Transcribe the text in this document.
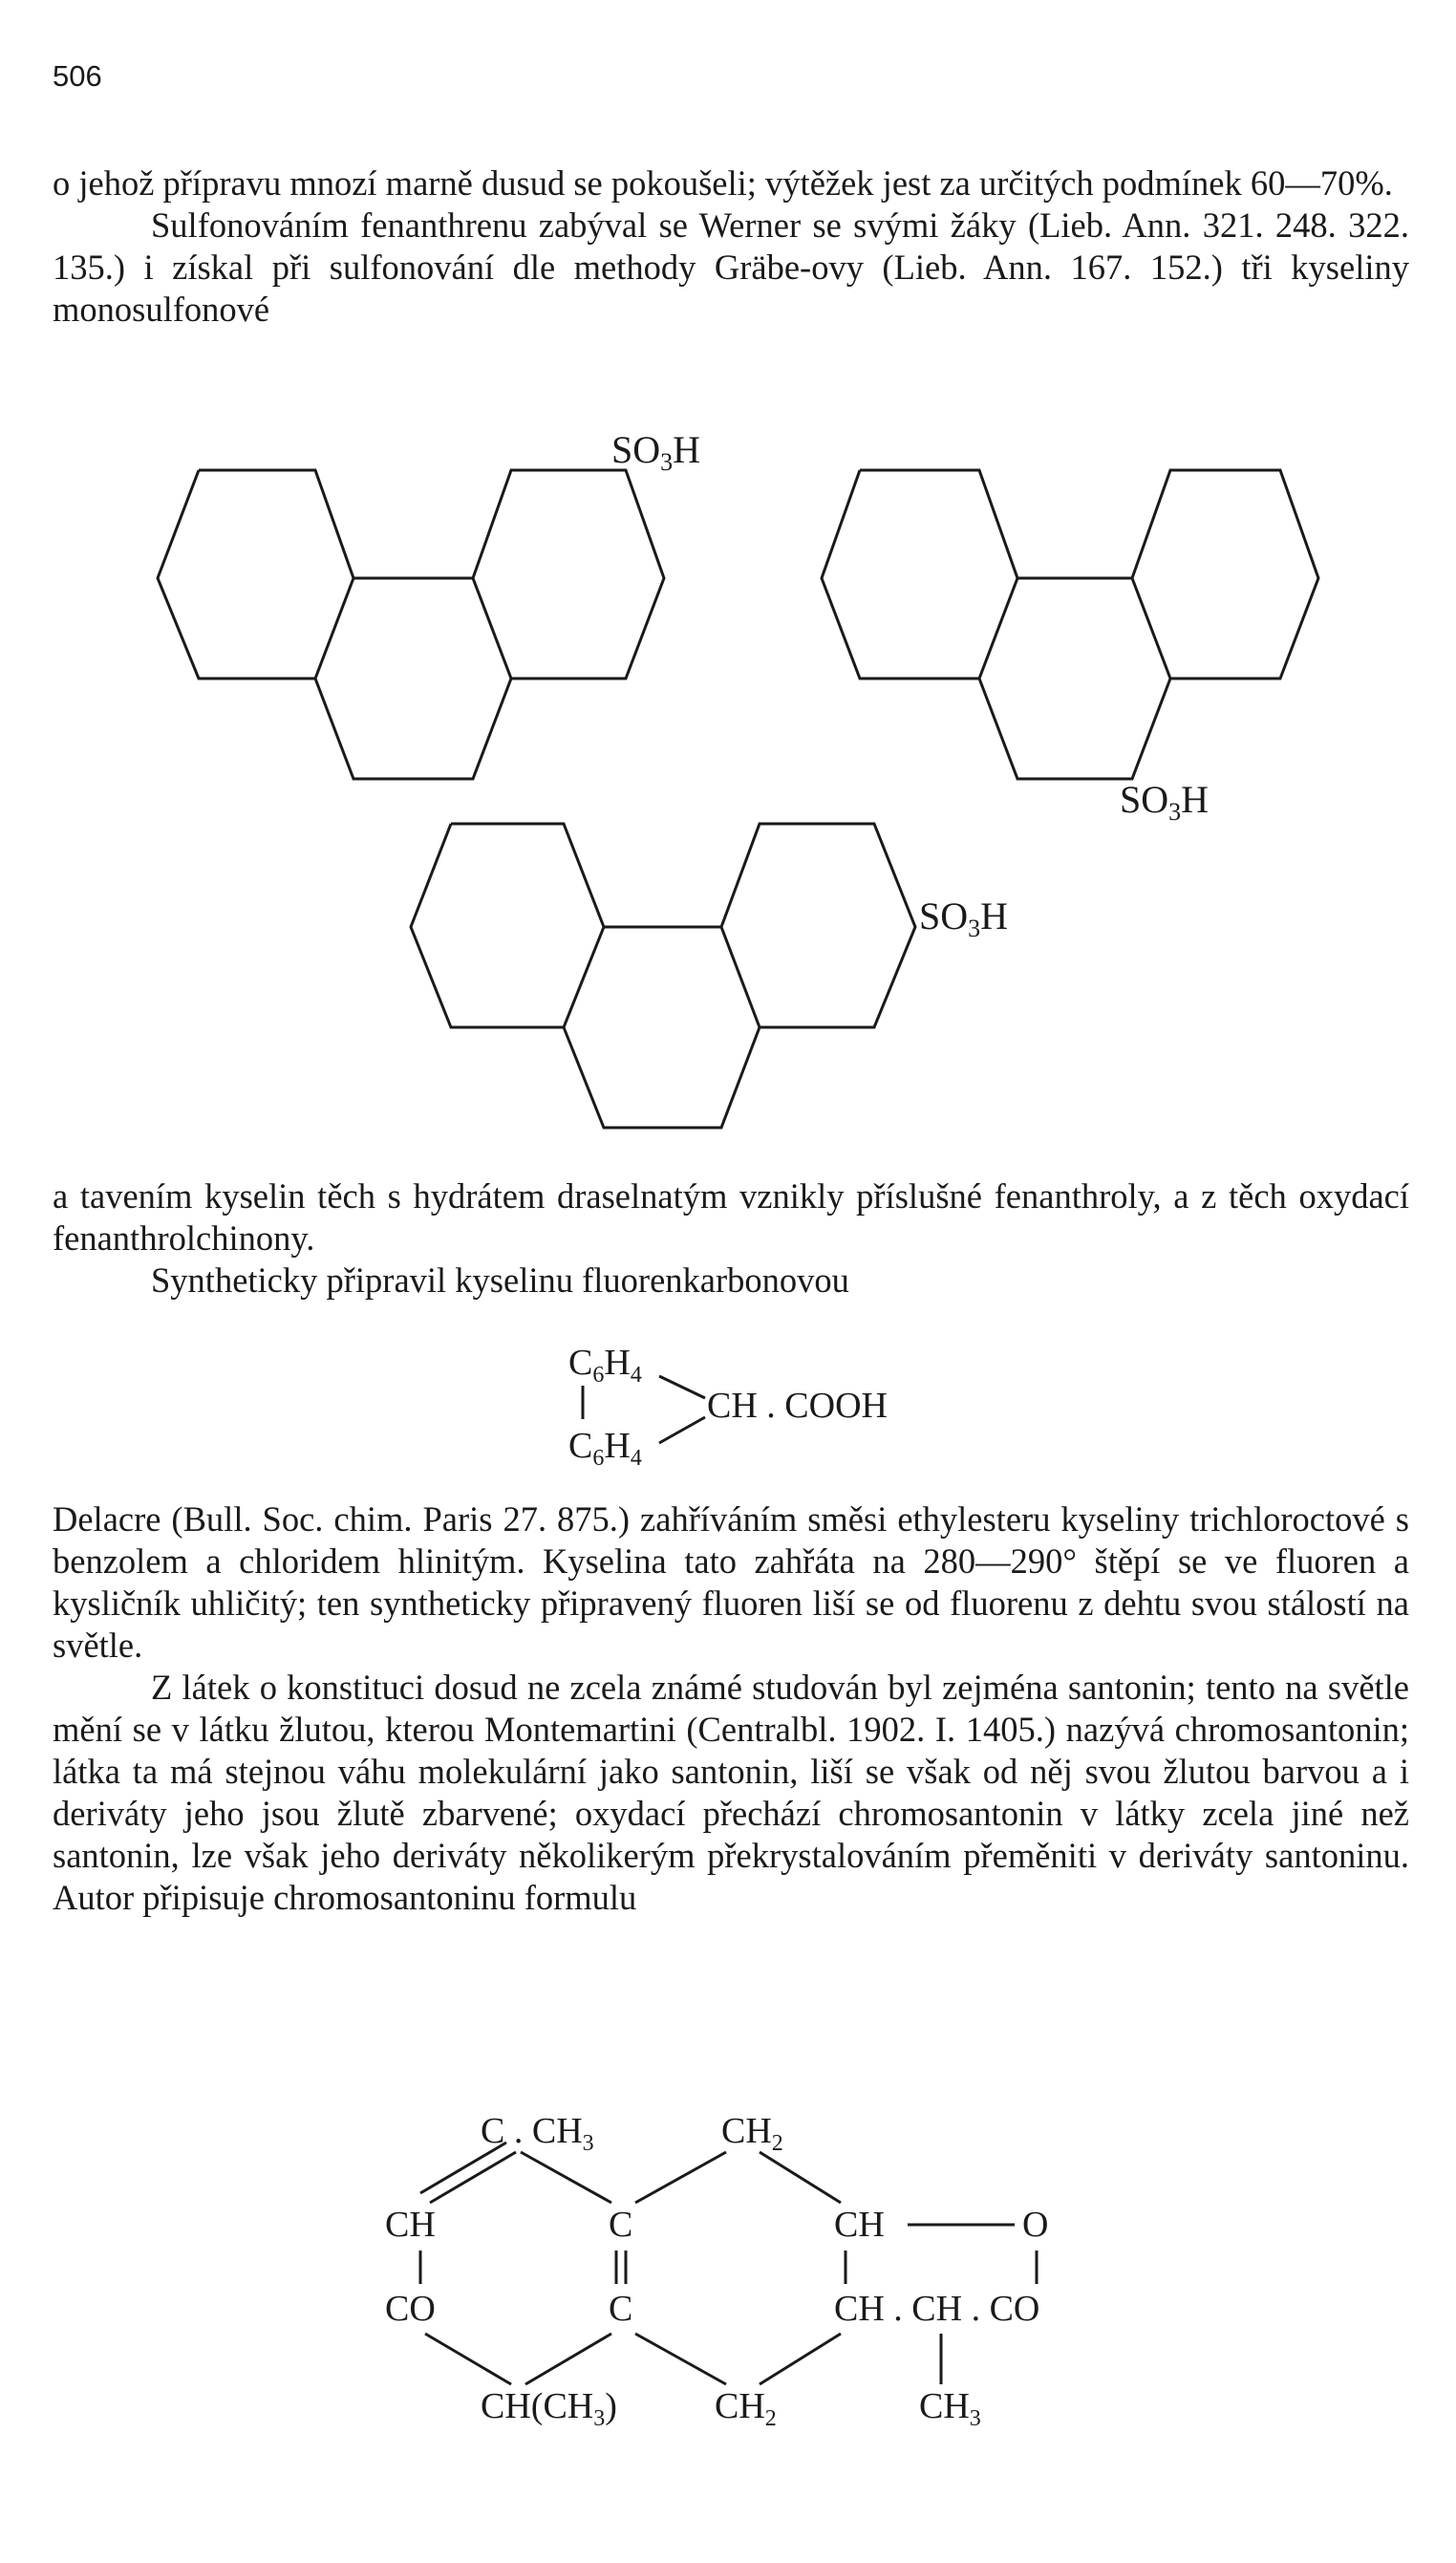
506

o jehož přípravu mnozí marně dusud se pokoušeli; výtěžek jest za určitých podmínek 60—70%.

Sulfonováním fenanthrenu zabýval se Werner se svými žáky (Lieb. Ann. 321. 248. 322. 135.) i získal při sulfonování dle methody Gräbe-ovy (Lieb. Ann. 167. 152.) tři kyseliny monosulfonové

$SO_3H$
$SO_3H$
$SO_3H$

a tavením kyselin těch s hydrátem draselnatým vznikly příslušné fenanthroly, a z těch oxydací fenanthrolchinony.

Syntheticky připravil kyselinu fluorenkarbonovou

$C_6H_4$
$C_6H_4$
CH . COOH

Delacre (Bull. Soc. chim. Paris 27. 875.) zahříváním směsi ethylesteru kyseliny trichloroctové s benzolem a chloridem hlinitým. Kyselina tato zahřáta na 280—290° štěpí se ve fluoren a kysličník uhličitý; ten syntheticky připravený fluoren liší se od fluorenu z dehtu svou stálostí na světle.

Z látek o konstituci dosud ne zcela známé studován byl zejména santonin; tento na světle mění se v látku žlutou, kterou Montemartini (Centralbl. 1902. I. 1405.) nazývá chromosantonin; látka ta má stejnou váhu molekulární jako santonin, liší se však od něj svou žlutou barvou a i deriváty jeho jsou žlutě zbarvené; oxydací přechází chromosantonin v látky zcela jiné než santonin, lze však jeho deriváty několikerým překrystalováním přeměniti v deriváty santoninu. Autor připisuje chromosantoninu formulu

C . $CH_3$	$CH_2$
CH	C	CH	O
CO	C	CH . CH . CO
$CH(CH_3)$	$CH_2$	$CH_3$
